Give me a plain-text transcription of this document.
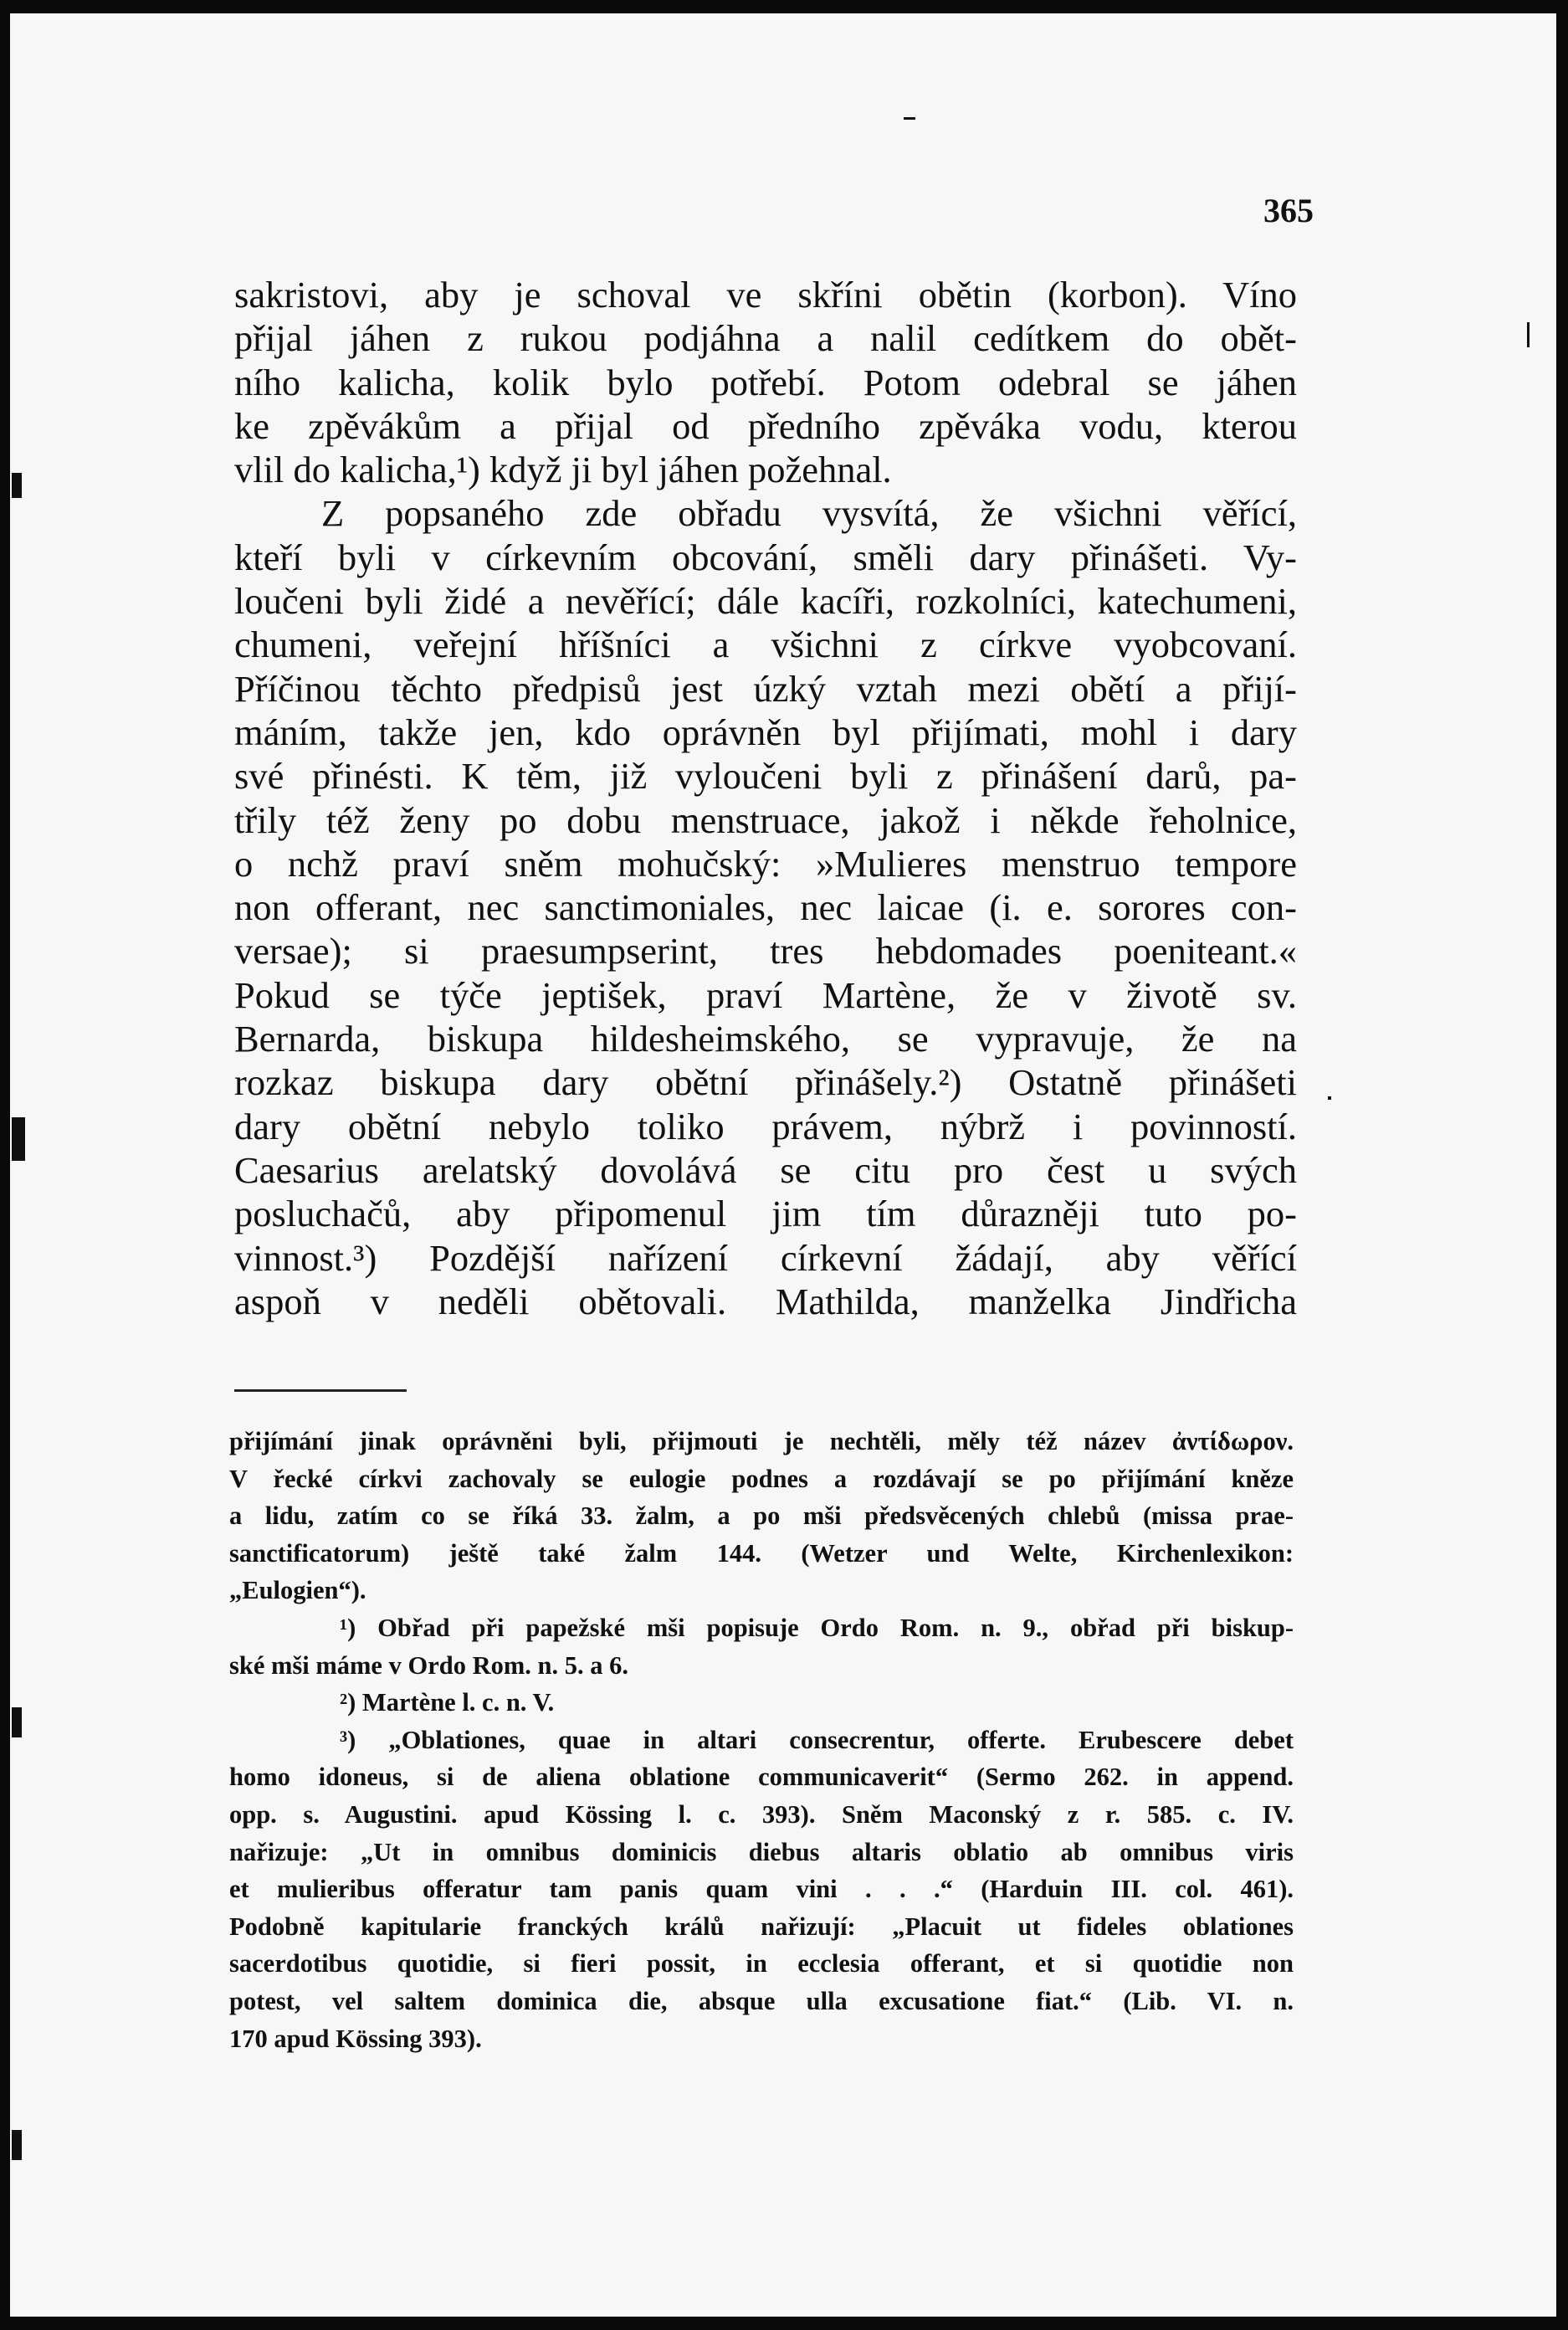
365
sakristovi, aby je schoval ve skříni obětin (korbon). Víno
přijal jáhen z rukou podjáhna a nalil cedítkem do obět-
ního kalicha, kolik bylo potřebí. Potom odebral se jáhen
ke zpěvákům a přijal od předního zpěváka vodu, kterou
vlil do kalicha,¹) když ji byl jáhen požehnal.
Z popsaného zde obřadu vysvítá, že všichni věřící,
kteří byli v církevním obcování, směli dary přinášeti. Vy-
loučeni byli židé a nevěřící; dále kacíři, rozkolníci, katechumeni,
chumeni, veřejní hříšníci a všichni z církve vyobcovaní.
Příčinou těchto předpisů jest úzký vztah mezi obětí a přijí-
máním, takže jen, kdo oprávněn byl přijímati, mohl i dary
své přinésti. K těm, již vyloučeni byli z přinášení darů, pa-
třily též ženy po dobu menstruace, jakož i někde řeholnice,
o nchž praví sněm mohučský: »Mulieres menstruo tempore
non offerant, nec sanctimoniales, nec laicae (i. e. sorores con-
versae); si praesumpserint, tres hebdomades poeniteant.«
Pokud se týče jeptišek, praví Martène, že v životě sv.
Bernarda, biskupa hildesheimského, se vypravuje, že na
rozkaz biskupa dary obětní přinášely.²) Ostatně přinášeti
dary obětní nebylo toliko právem, nýbrž i povinností.
Caesarius arelatský dovolává se citu pro čest u svých
posluchačů, aby připomenul jim tím důrazněji tuto po-
vinnost.³) Pozdější nařízení církevní žádají, aby věřící
aspoň v neděli obětovali. Mathilda, manželka Jindřicha
přijímání jinak oprávněni byli, přijmouti je nechtěli, měly též název ἀντίδωρον.
V řecké církvi zachovaly se eulogie podnes a rozdávají se po přijímání kněze
a lidu, zatím co se říká 33. žalm, a po mši předsvěcených chlebů (missa prae-
sanctificatorum) ještě také žalm 144. (Wetzer und Welte, Kirchenlexikon:
„Eulogien“).
¹) Obřad při papežské mši popisuje Ordo Rom. n. 9., obřad při biskup-
ské mši máme v Ordo Rom. n. 5. a 6.
²) Martène l. c. n. V.
³) „Oblationes, quae in altari consecrentur, offerte. Erubescere debet
homo idoneus, si de aliena oblatione communicaverit“ (Sermo 262. in append.
opp. s. Augustini. apud Kössing l. c. 393). Sněm Maconský z r. 585. c. IV.
nařizuje: „Ut in omnibus dominicis diebus altaris oblatio ab omnibus viris
et mulieribus offeratur tam panis quam vini . . .“ (Harduin III. col. 461).
Podobně kapitularie franckých králů nařizují: „Placuit ut fideles oblationes
sacerdotibus quotidie, si fieri possit, in ecclesia offerant, et si quotidie non
potest, vel saltem dominica die, absque ulla excusatione fiat.“ (Lib. VI. n.
170 apud Kössing 393).
